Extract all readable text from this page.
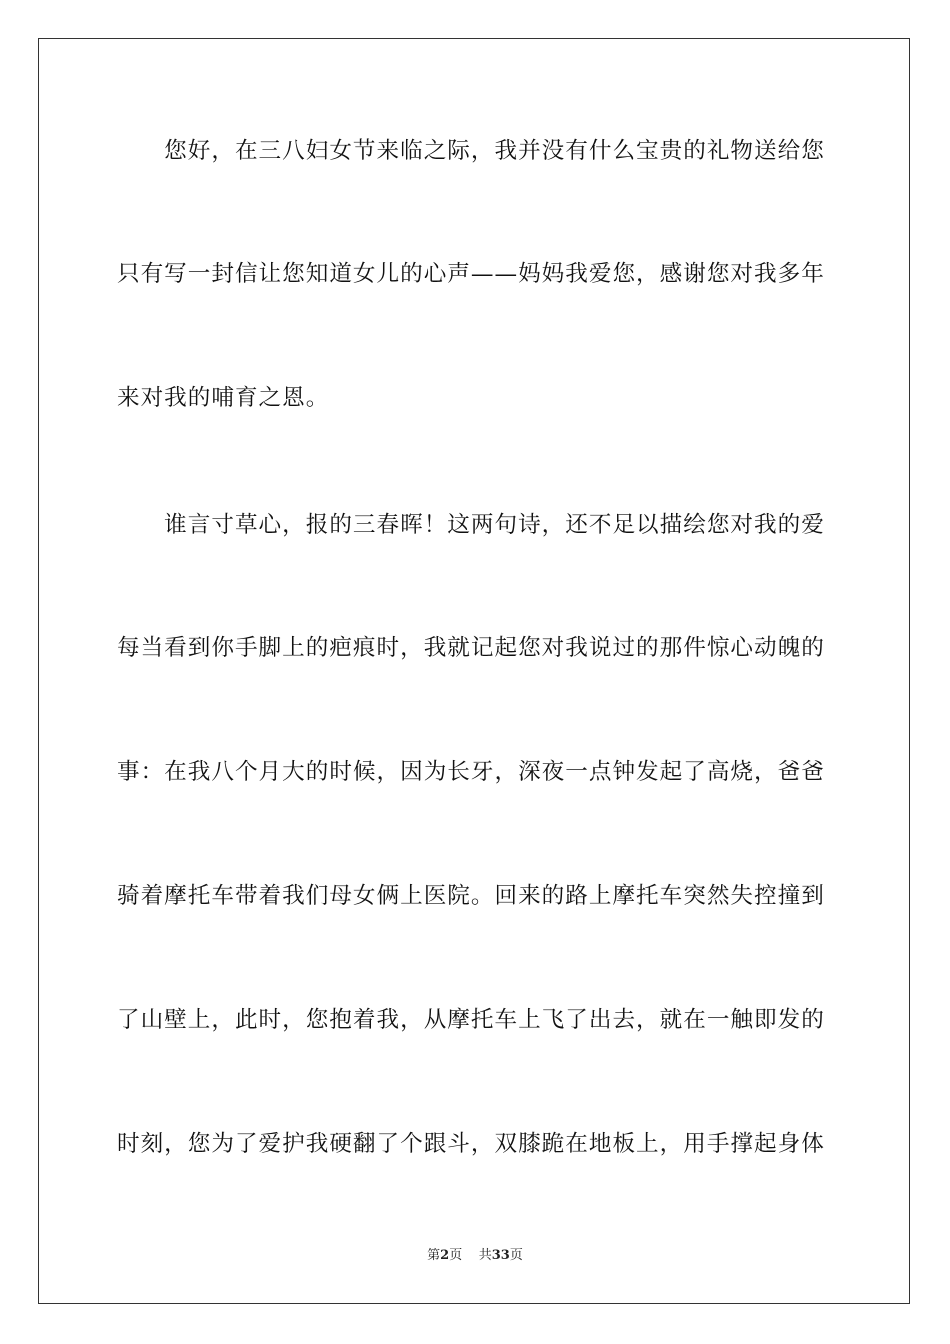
　　您好，在三八妇女节来临之际，我并没有什么宝贵的礼物送给您
只有写一封信让您知道女儿的心声——妈妈我爱您，感谢您对我多年
来对我的哺育之恩。
　　谁言寸草心，报的三春晖！这两句诗，还不足以描绘您对我的爱
每当看到你手脚上的疤痕时，我就记起您对我说过的那件惊心动魄的
事：在我八个月大的时候，因为长牙，深夜一点钟发起了高烧，爸爸
骑着摩托车带着我们母女俩上医院。回来的路上摩托车突然失控撞到
了山壁上，此时，您抱着我，从摩托车上飞了出去，就在一触即发的
时刻，您为了爱护我硬翻了个跟斗，双膝跪在地板上，用手撑起身体
第2页 共33页
